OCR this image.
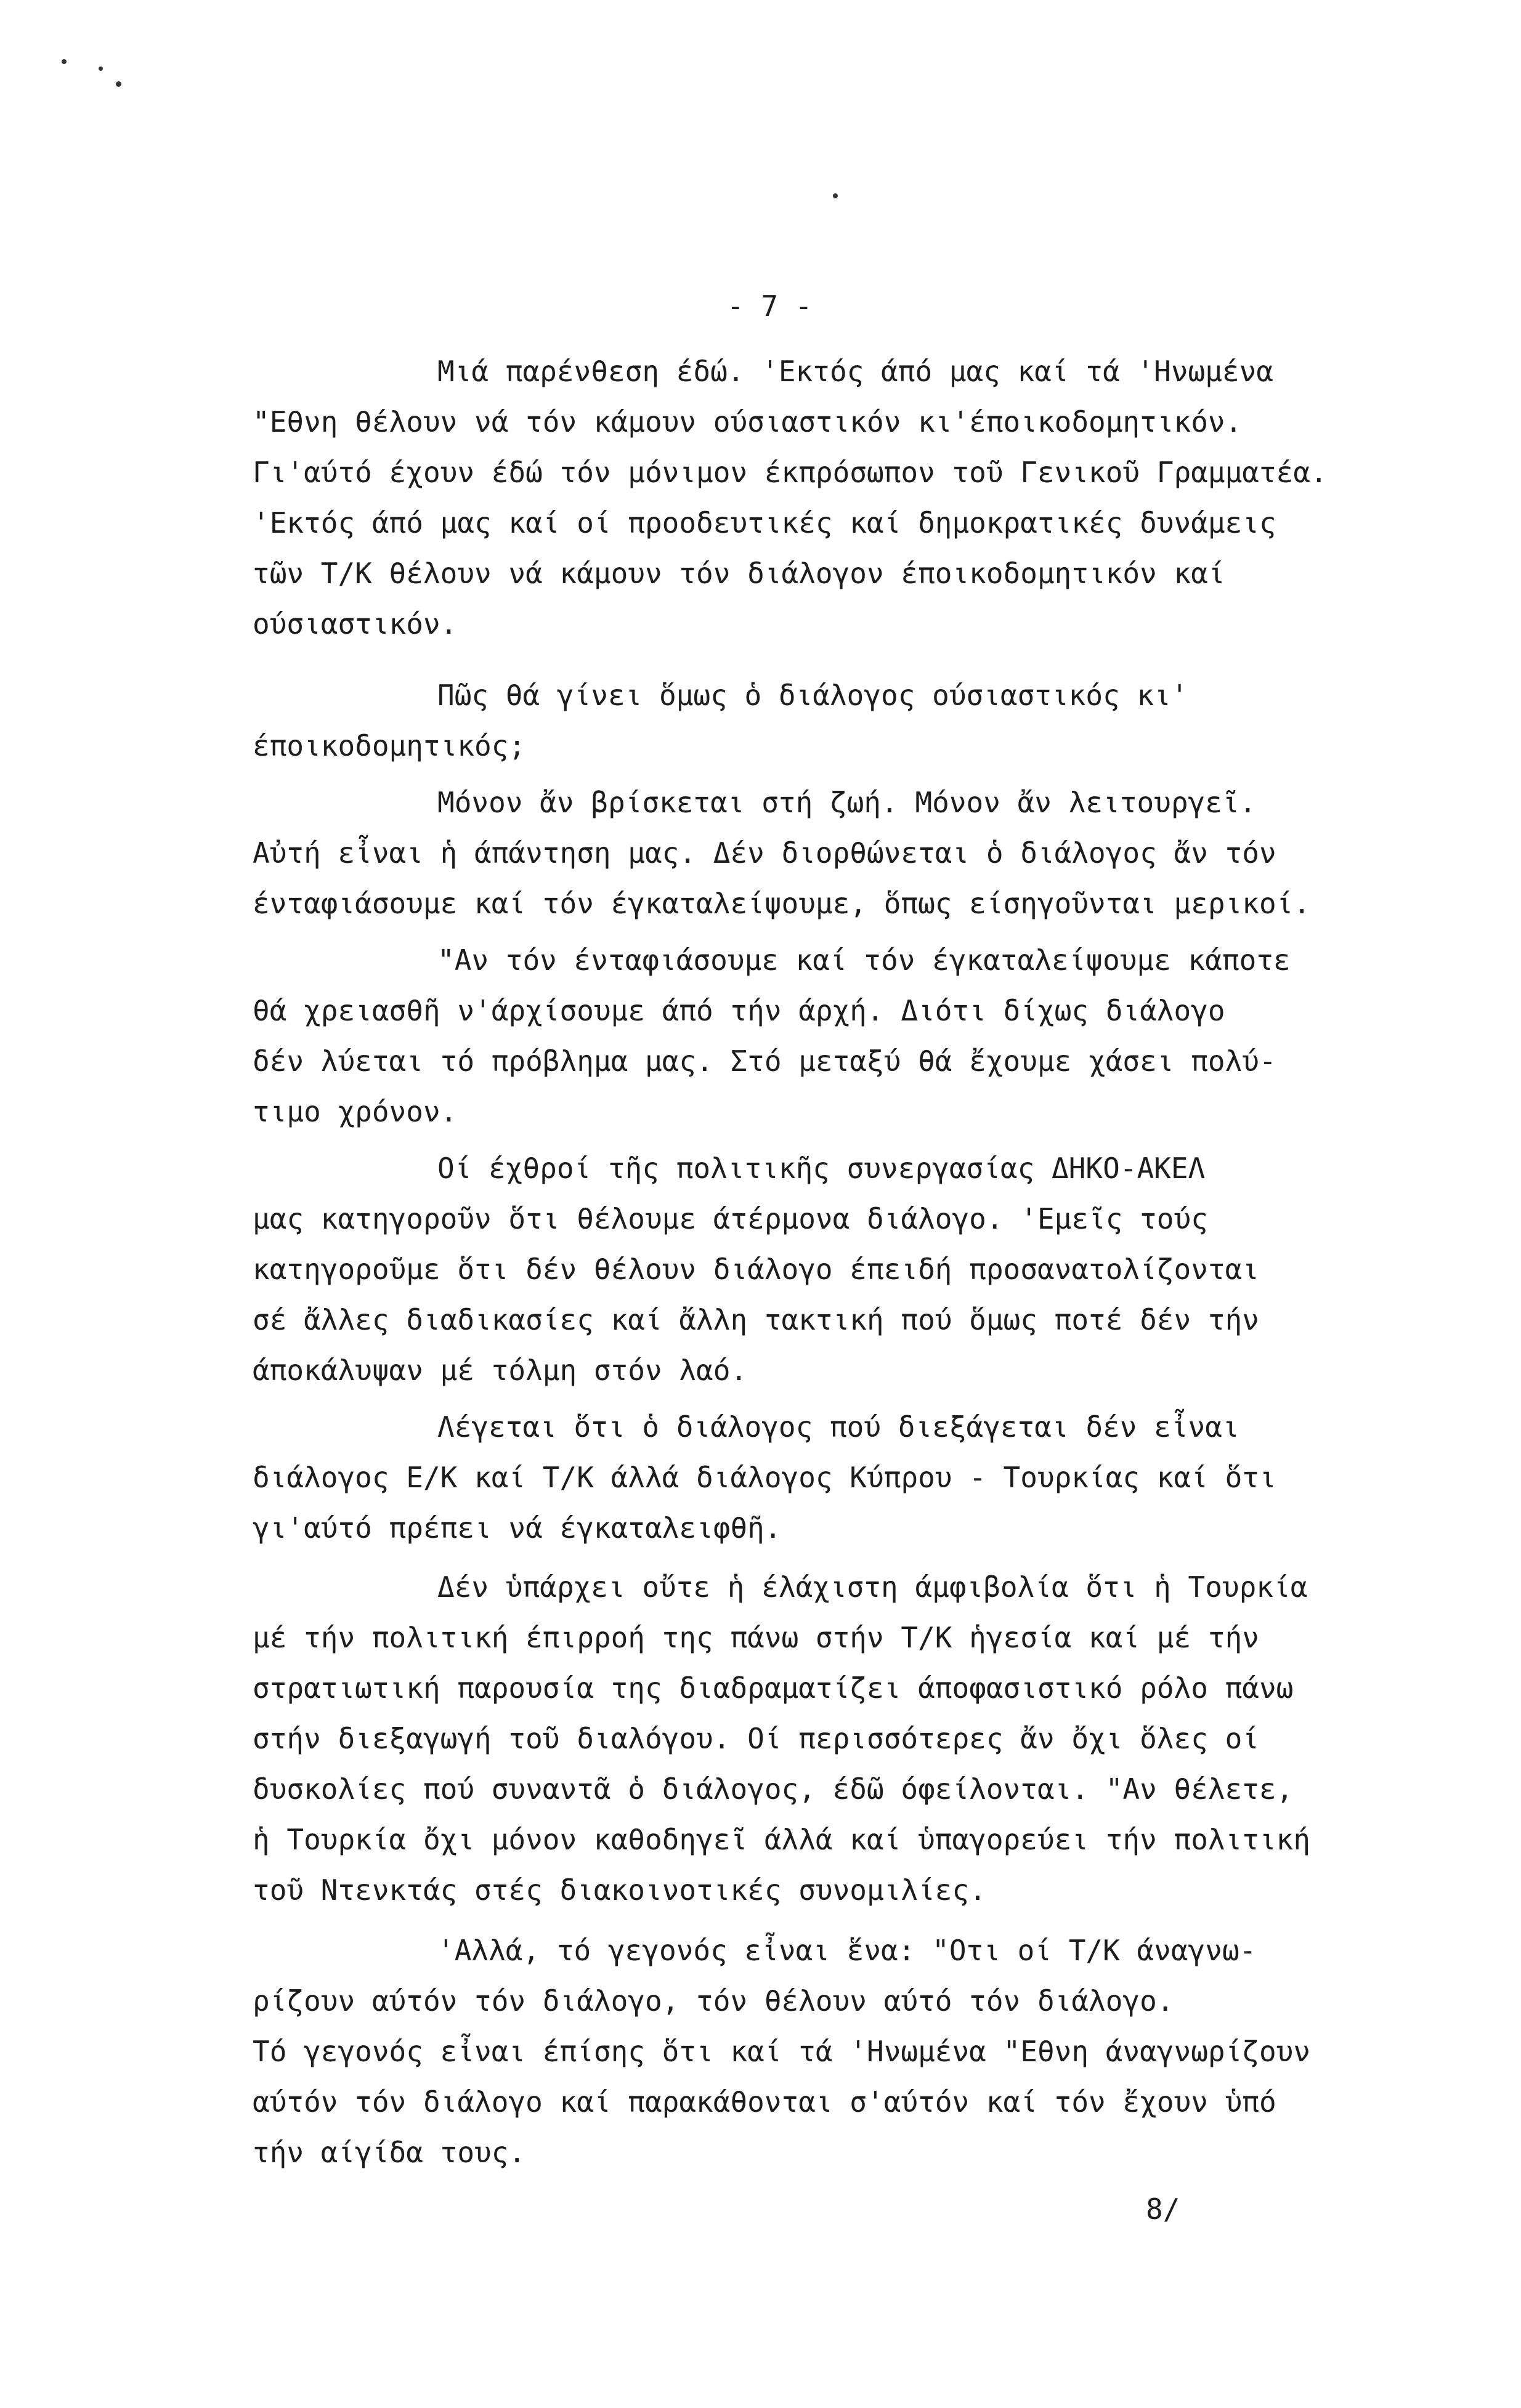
- 7 -
Μιά παρένθεση έδώ. 'Εκτός άπό μας καί τά 'Ηνωμένα
"Εθνη θέλουν νά τόν κάμουν ούσιαστικόν κι'έποικοδομητικόν.
Γι'αύτό έχουν έδώ τόν μόνιμον έκπρόσωπον τοῦ Γενικοῦ Γραμματέα.
'Εκτός άπό μας καί οί προοδευτικές καί δημοκρατικές δυνάμεις
τῶν Τ/Κ θέλουν νά κάμουν τόν διάλογον έποικοδομητικόν καί
ούσιαστικόν.
Πῶς θά γίνει ὅμως ὁ διάλογος ούσιαστικός κι'
έποικοδομητικός;
Μόνον ἄν βρίσκεται στή ζωή. Μόνον ἄν λειτουργεῖ.
Αὐτή εἶναι ἡ άπάντηση μας. Δέν διορθώνεται ὁ διάλογος ἄν τόν
ένταφιάσουμε καί τόν έγκαταλείψουμε, ὅπως είσηγοῦνται μερικοί.
"Αν τόν ένταφιάσουμε καί τόν έγκαταλείψουμε κάποτε
θά χρειασθῆ ν'άρχίσουμε άπό τήν άρχή. Διότι δίχως διάλογο
δέν λύεται τό πρόβλημα μας. Στό μεταξύ θά ἔχουμε χάσει πολύ-
τιμο χρόνον.
Οί έχθροί τῆς πολιτικῆς συνεργασίας ΔΗΚΟ-ΑΚΕΛ
μας κατηγοροῦν ὅτι θέλουμε άτέρμονα διάλογο. 'Εμεῖς τούς
κατηγοροῦμε ὅτι δέν θέλουν διάλογο έπειδή προσανατολίζονται
σέ ἄλλες διαδικασίες καί ἄλλη τακτική πού ὅμως ποτέ δέν τήν
άποκάλυψαν μέ τόλμη στόν λαό.
Λέγεται ὅτι ὁ διάλογος πού διεξάγεται δέν εἶναι
διάλογος Ε/Κ καί Τ/Κ άλλά διάλογος Κύπρου - Τουρκίας καί ὅτι
γι'αύτό πρέπει νά έγκαταλειφθῆ.
Δέν ὑπάρχει οὔτε ἡ έλάχιστη άμφιβολία ὅτι ἡ Τουρκία
μέ τήν πολιτική έπιρροή της πάνω στήν Τ/Κ ἡγεσία καί μέ τήν
στρατιωτική παρουσία της διαδραματίζει άποφασιστικό ρόλο πάνω
στήν διεξαγωγή τοῦ διαλόγου. Οί περισσότερες ἄν ὄχι ὅλες οί
δυσκολίες πού συναντᾶ ὁ διάλογος, έδῶ όφείλονται. "Αν θέλετε,
ἡ Τουρκία ὄχι μόνον καθοδηγεῖ άλλά καί ὑπαγορεύει τήν πολιτική
τοῦ Ντενκτάς στές διακοινοτικές συνομιλίες.
'Αλλά, τό γεγονός εἶναι ἕνα: "Οτι οί Τ/Κ άναγνω-
ρίζουν αύτόν τόν διάλογο, τόν θέλουν αύτό τόν διάλογο.
Τό γεγονός εἶναι έπίσης ὅτι καί τά 'Ηνωμένα "Εθνη άναγνωρίζουν
αύτόν τόν διάλογο καί παρακάθονται σ'αύτόν καί τόν ἔχουν ὑπό
τήν αίγίδα τους.
8/
